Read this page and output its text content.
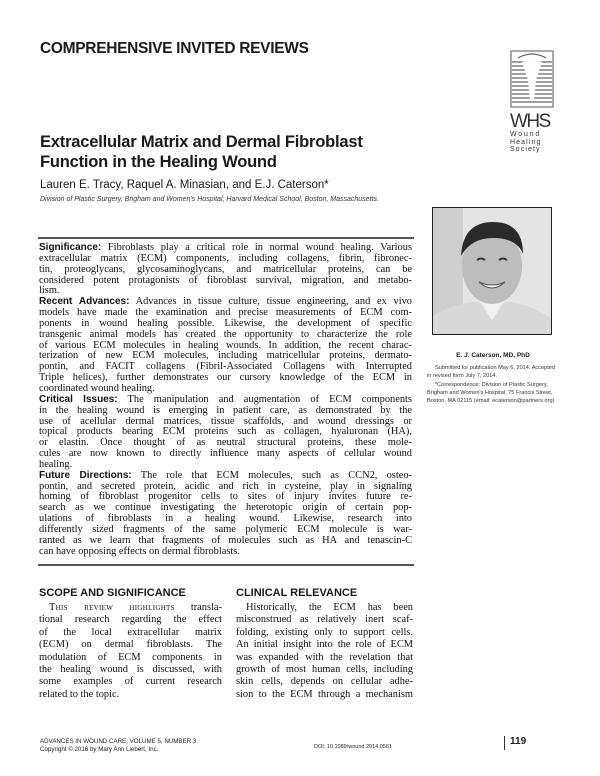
COMPREHENSIVE INVITED REVIEWS
WHS
Wound
Healing
Society
Extracellular Matrix and Dermal Fibroblast
Function in the Healing Wound
Lauren E. Tracy, Raquel A. Minasian, and E.J. Caterson*
Division of Plastic Surgery, Brigham and Women's Hospital, Harvard Medical School, Boston, Massachusetts.
Significance: Fibroblasts play a critical role in normal wound healing. Various
extracellular matrix (ECM) components, including collagens, fibrin, fibronec-
tin, proteoglycans, glycosaminoglycans, and matricellular proteins, can be
considered potent protagonists of fibroblast survival, migration, and metabo-
lism.
Recent Advances: Advances in tissue culture, tissue engineering, and ex vivo
models have made the examination and precise measurements of ECM com-
ponents in wound healing possible. Likewise, the development of specific
transgenic animal models has created the opportunity to characterize the role
of various ECM molecules in healing wounds. In addition, the recent charac-
terization of new ECM molecules, including matricellular proteins, dermato-
pontin, and FACIT collagens (Fibril-Associated Collagens with Interrupted
Triple helices), further demonstrates our cursory knowledge of the ECM in
coordinated wound healing.
Critical Issues: The manipulation and augmentation of ECM components
in the healing wound is emerging in patient care, as demonstrated by the
use of acellular dermal matrices, tissue scaffolds, and wound dressings or
topical products bearing ECM proteins such as collagen, hyaluronan (HA),
or elastin. Once thought of as neutral structural proteins, these mole-
cules are now known to directly influence many aspects of cellular wound
healing.
Future Directions: The role that ECM molecules, such as CCN2, osteo-
pontin, and secreted protein, acidic and rich in cysteine, play in signaling
homing of fibroblast progenitor cells to sites of injury invites future re-
search as we continue investigating the heterotopic origin of certain pop-
ulations of fibroblasts in a healing wound. Likewise, research into
differently sized fragments of the same polymeric ECM molecule is war-
ranted as we learn that fragments of molecules such as HA and tenascin-C
can have opposing effects on dermal fibroblasts.
SCOPE AND SIGNIFICANCE	CLINICAL RELEVANCE
This review highlights transla-
tional research regarding the effect
of the local extracellular matrix
(ECM) on dermal fibroblasts. The
modulation of ECM components in
the healing wound is discussed, with
some examples of current research
related to the topic.
Historically, the ECM has been
misconstrued as relatively inert scaf-
folding, existing only to support cells.
An initial insight into the role of ECM
was expanded with the revelation that
growth of most human cells, including
skin cells, depends on cellular adhe-
sion to the ECM through a mechanism
E. J. Caterson, MD, PhD

Submitted for publication May 6, 2014. Accepted in revised form July 7, 2014.

*Correspondence: Division of Plastic Surgery, Brigham and Women's Hospital, 75 Francis Street, Boston, MA 02115 (email: ecaterson@partners.org)

ADVANCES IN WOUND CARE, VOLUME 5, NUMBER 3
Copyright © 2016 by Mary Ann Liebert, Inc.	DOI: 10.1089/wound.2014.0561	119
